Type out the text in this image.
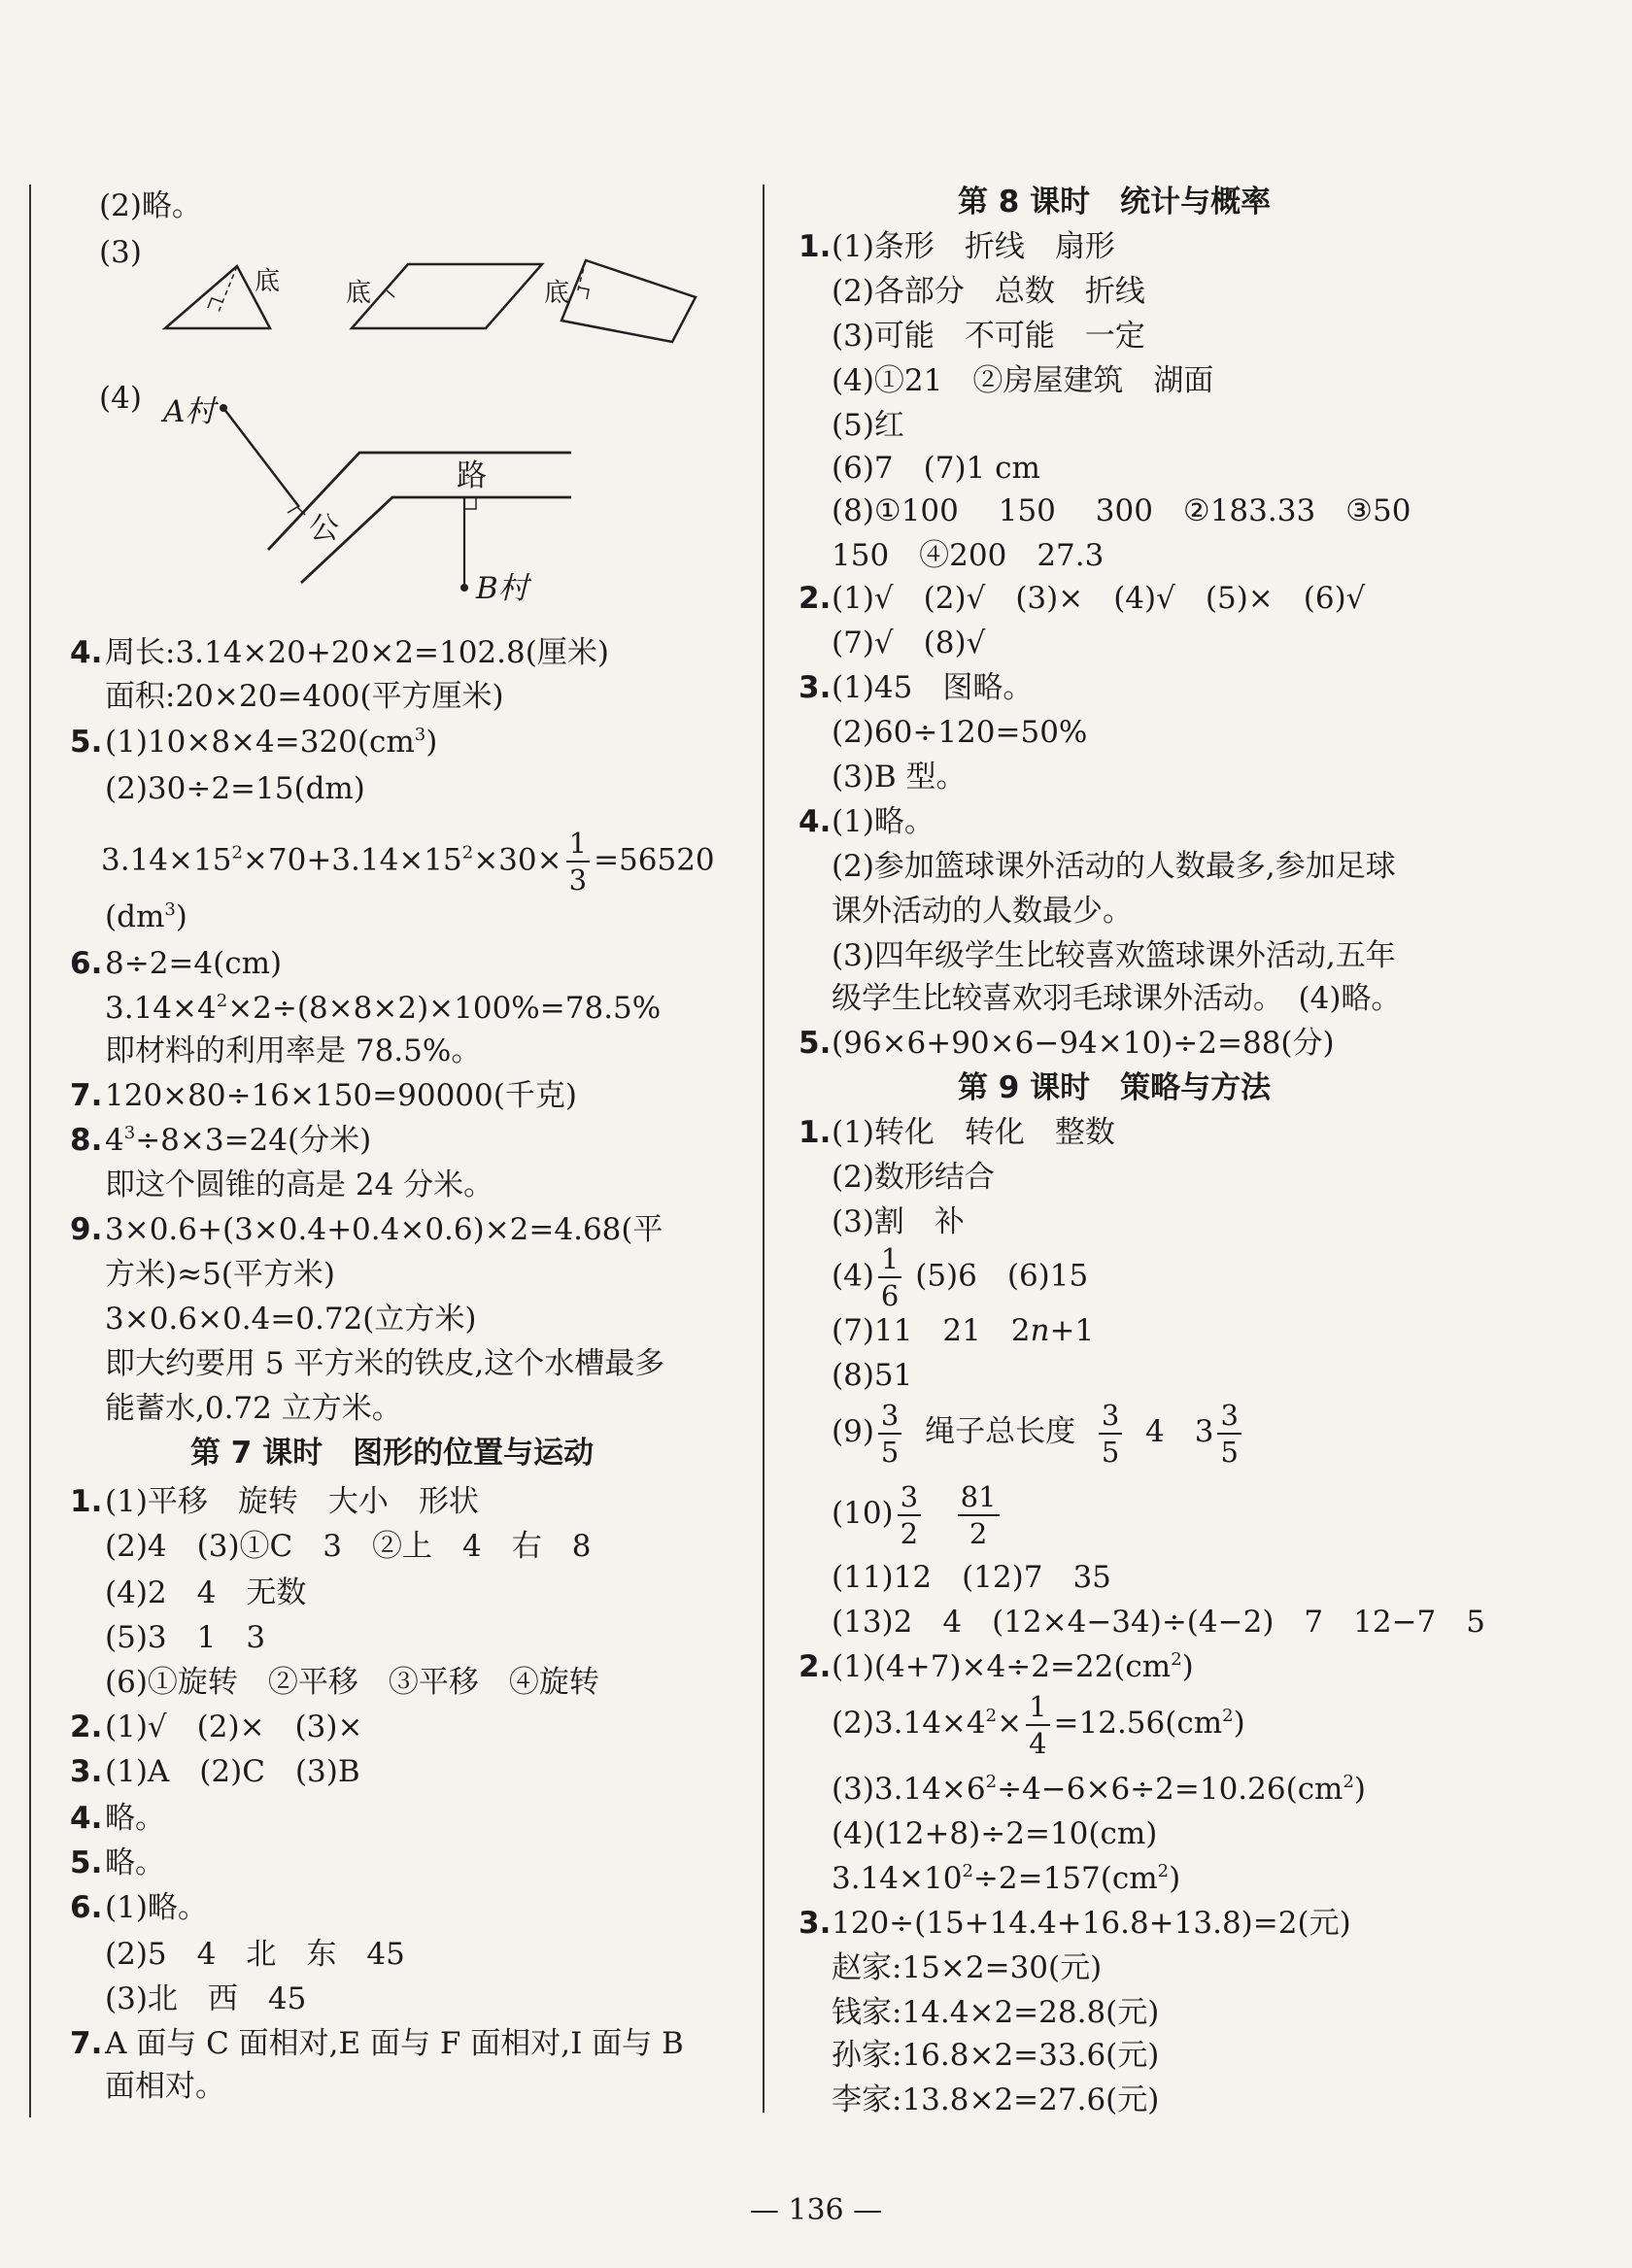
(2)略。
(3)
底	底	底
(4) A村
路
公
B村
4. 周长:3.14×20+20×2=102.8(厘米)
面积:20×20=400(平方厘米)
5. $(1)10\times 8\times 4=320(cm^3)$
(2)30÷2=15(dm)
$3.14\times 15^2\times 70+3.14\times 15^2\times 30\times \frac{1}{3} =56520$
$(dm^3)$
6. 8÷2=4(cm)
$3.14\times 4^2\times 2\div(8\times 8\times 2)\times 100\%=78.5\%$
即材料的利用率是 78.5%。
7. 120×80÷16×150=90000(千克)
8. $4^3\div 8\times 3=24$(分米)
即这个圆锥的高是 24 分米。
9. 3×0.6+(3×0.4+0.4×0.6)×2=4.68(平
方米)≈5(平方米)
3×0.6×0.4=0.72(立方米)
即大约要用 5 平方米的铁皮,这个水槽最多
能蓄水,0.72 立方米。
第 7 课时　图形的位置与运动
1. (1)平移　旋转　大小　形状
(2)4　(3)①C　3　②上　4　右　8
(4)2　4　无数
(5)3　1　3
(6)①旋转　②平移　③平移　④旋转
2. (1)√　(2)×　(3)×
3. (1)A　(2)C　(3)B
4. 略。
5. 略。
6. (1)略。
(2)5　4　北　东　45
(3)北　西　45
7. A 面与 C 面相对,E 面与 F 面相对,I 面与 B
面相对。
第 8 课时　统计与概率
1. (1)条形　折线　扇形
(2)各部分　总数　折线
(3)可能　不可能　一定
(4)①21　②房屋建筑　湖面
(5)红
(6)7　(7)1 cm
(8)①100　 150　 300　②183.33　③50
150　④200　27.3
2. (1)√　(2)√　(3)×　(4)√　(5)×　(6)√
(7)√　(8)√
3. (1)45　图略。
(2)60÷120=50%
(3)B 型。
4. (1)略。
(2)参加篮球课外活动的人数最多,参加足球
课外活动的人数最少。
(3)四年级学生比较喜欢篮球课外活动,五年
级学生比较喜欢羽毛球课外活动。　(4)略。
5. (96×6+90×6−94×10)÷2=88(分)
第 9 课时　策略与方法
1. (1)转化　转化　整数
(2)数形结合
(3)割　补
$(4) \frac{1}{6} (5)6$　(6)15
(7)11　21　2n+1
(8)51
$(9) \frac{3}{5}$ 绳子总长度 $\frac{3}{5} 4$　$3 \frac{3}{5}$
$(10) \frac{3}{2}$
$\frac{81}{2}$
(11)12　(12)7　35
(13)2　4　(12×4−34)÷(4−2)　7　12−7　5
2. $(1)(4+7)\times 4\div 2=22(cm^2)$
$(2)3.14\times 4^2\times \frac{1}{4} =12.56(cm^2)$
$(3)3.14\times 6^2\div 4-6\times 6\div 2=10.26(cm^2)$
(4)(12+8)÷2=10(cm)
$3.14\times 10^2\div 2=157(cm^2)$
3. 120÷(15+14.4+16.8+13.8)=2(元)
赵家:15×2=30(元)
钱家:14.4×2=28.8(元)
孙家:16.8×2=33.6(元)
李家:13.8×2=27.6(元)
— 136 —
